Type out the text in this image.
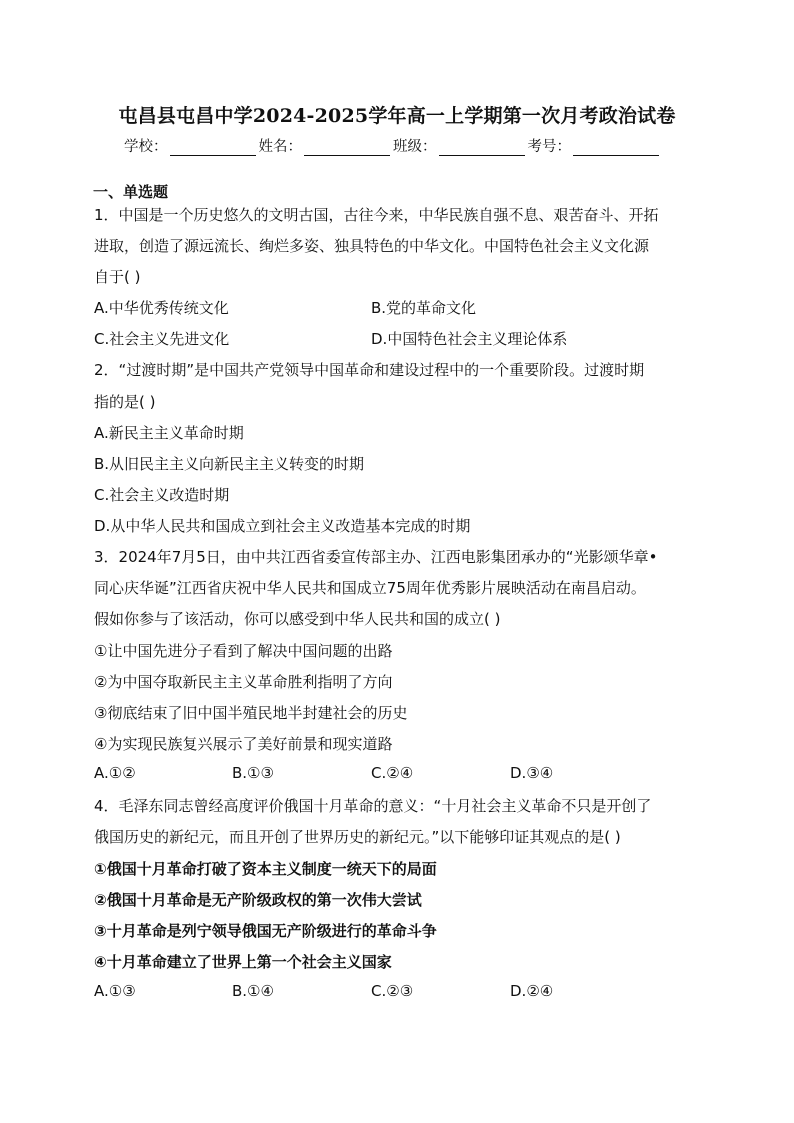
屯昌县屯昌中学2024-2025学年高一上学期第一次月考政治试卷
学校：	姓名：	班级：	考号：
一、单选题

1．中国是一个历史悠久的文明古国，古往今来，中华民族自强不息、艰苦奋斗、开拓

进取，创造了源远流长、绚烂多姿、独具特色的中华文化。中国特色社会主义文化源

自于( )

A.中华优秀传统文化	B.党的革命文化
C.社会主义先进文化	D.中国特色社会主义理论体系

2．“过渡时期”是中国共产党领导中国革命和建设过程中的一个重要阶段。过渡时期

指的是( )

A.新民主主义革命时期
B.从旧民主主义向新民主主义转变的时期
C.社会主义改造时期
D.从中华人民共和国成立到社会主义改造基本完成的时期

3．2024年7月5日，由中共江西省委宣传部主办、江西电影集团承办的“光影颂华章•

同心庆华诞”江西省庆祝中华人民共和国成立75周年优秀影片展映活动在南昌启动。

假如你参与了该活动，你可以感受到中华人民共和国的成立( )

①让中国先进分子看到了解决中国问题的出路

②为中国夺取新民主主义革命胜利指明了方向

③彻底结束了旧中国半殖民地半封建社会的历史

④为实现民族复兴展示了美好前景和现实道路

A.①②	B.①③	C.②④	D.③④

4．毛泽东同志曾经高度评价俄国十月革命的意义：“十月社会主义革命不只是开创了

俄国历史的新纪元，而且开创了世界历史的新纪元。”以下能够印证其观点的是( )

①俄国十月革命打破了资本主义制度一统天下的局面

②俄国十月革命是无产阶级政权的第一次伟大尝试

③十月革命是列宁领导俄国无产阶级进行的革命斗争

④十月革命建立了世界上第一个社会主义国家

A.①③	B.①④	C.②③	D.②④
